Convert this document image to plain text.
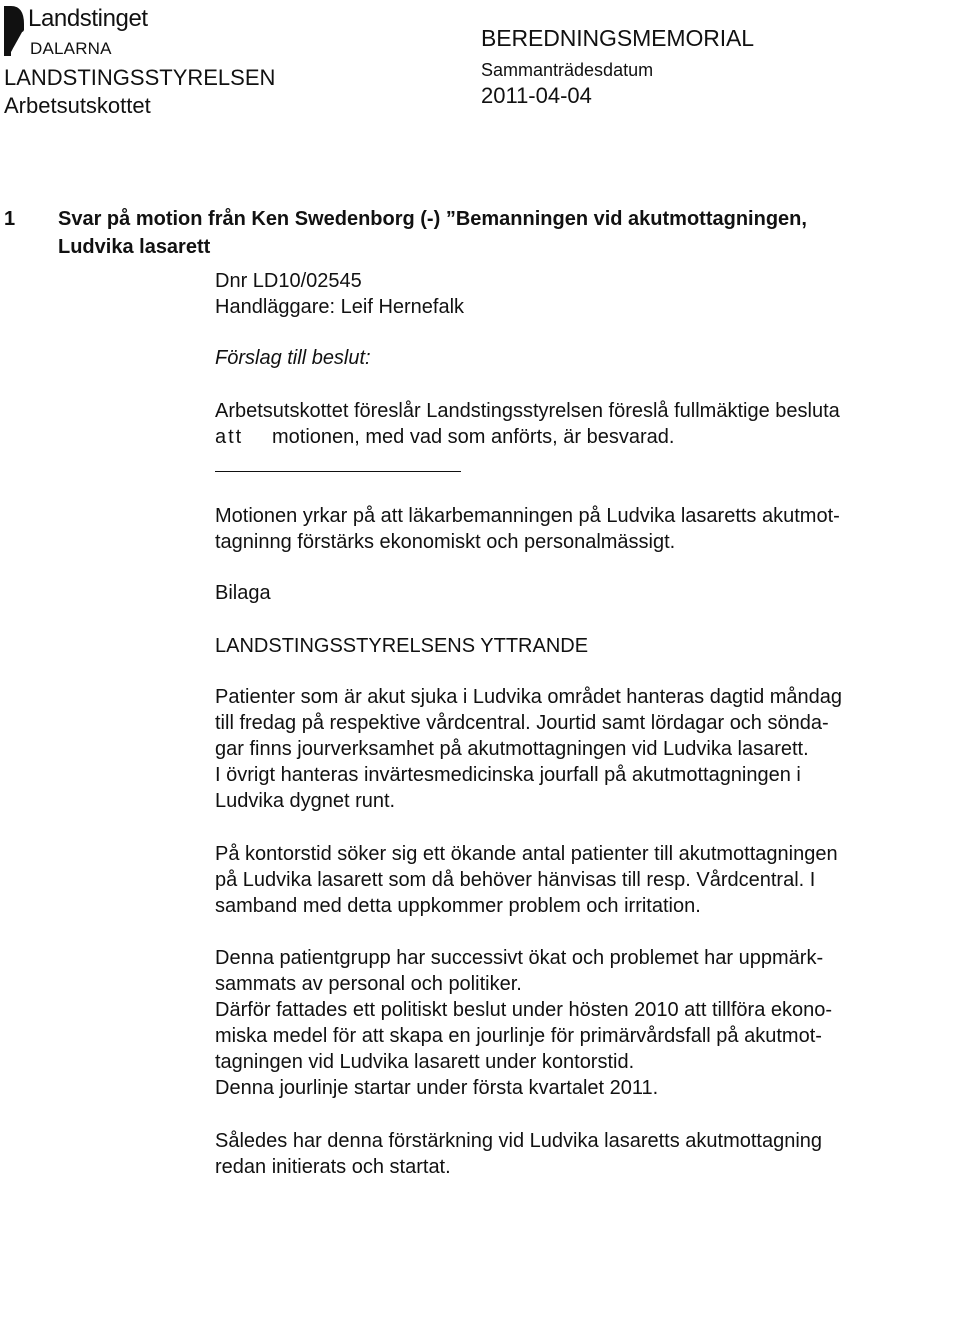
Landstinget
DALARNA
LANDSTINGSSTYRELSEN
Arbetsutskottet
BEREDNINGSMEMORIAL
Sammanträdesdatum
2011-04-04
1 Svar på motion från Ken Swedenborg (-) ”Bemanningen vid akutmottagningen,
Ludvika lasarett
Dnr LD10/02545
Handläggare: Leif Hernefalk
Förslag till beslut:
Arbetsutskottet föreslår Landstingsstyrelsen föreslå fullmäktige besluta
att motionen, med vad som anförts, är besvarad.
Motionen yrkar på att läkarbemanningen på Ludvika lasaretts akutmot-
tagninng förstärks ekonomiskt och personalmässigt.
Bilaga
LANDSTINGSSTYRELSENS YTTRANDE
Patienter som är akut sjuka i Ludvika området hanteras dagtid måndag
till fredag på respektive vårdcentral. Jourtid samt lördagar och sönda-
gar finns jourverksamhet på akutmottagningen vid Ludvika lasarett.
I övrigt hanteras invärtesmedicinska jourfall på akutmottagningen i
Ludvika dygnet runt.
På kontorstid söker sig ett ökande antal patienter till akutmottagningen
på Ludvika lasarett som då behöver hänvisas till resp. Vårdcentral. I
samband med detta uppkommer problem och irritation.
Denna patientgrupp har successivt ökat och problemet har uppmärk-
sammats av personal och politiker.
Därför fattades ett politiskt beslut under hösten 2010 att tillföra ekono-
miska medel för att skapa en jourlinje för primärvårdsfall på akutmot-
tagningen vid Ludvika lasarett under kontorstid.
Denna jourlinje startar under första kvartalet 2011.
Således har denna förstärkning vid Ludvika lasaretts akutmottagning
redan initierats och startat.
